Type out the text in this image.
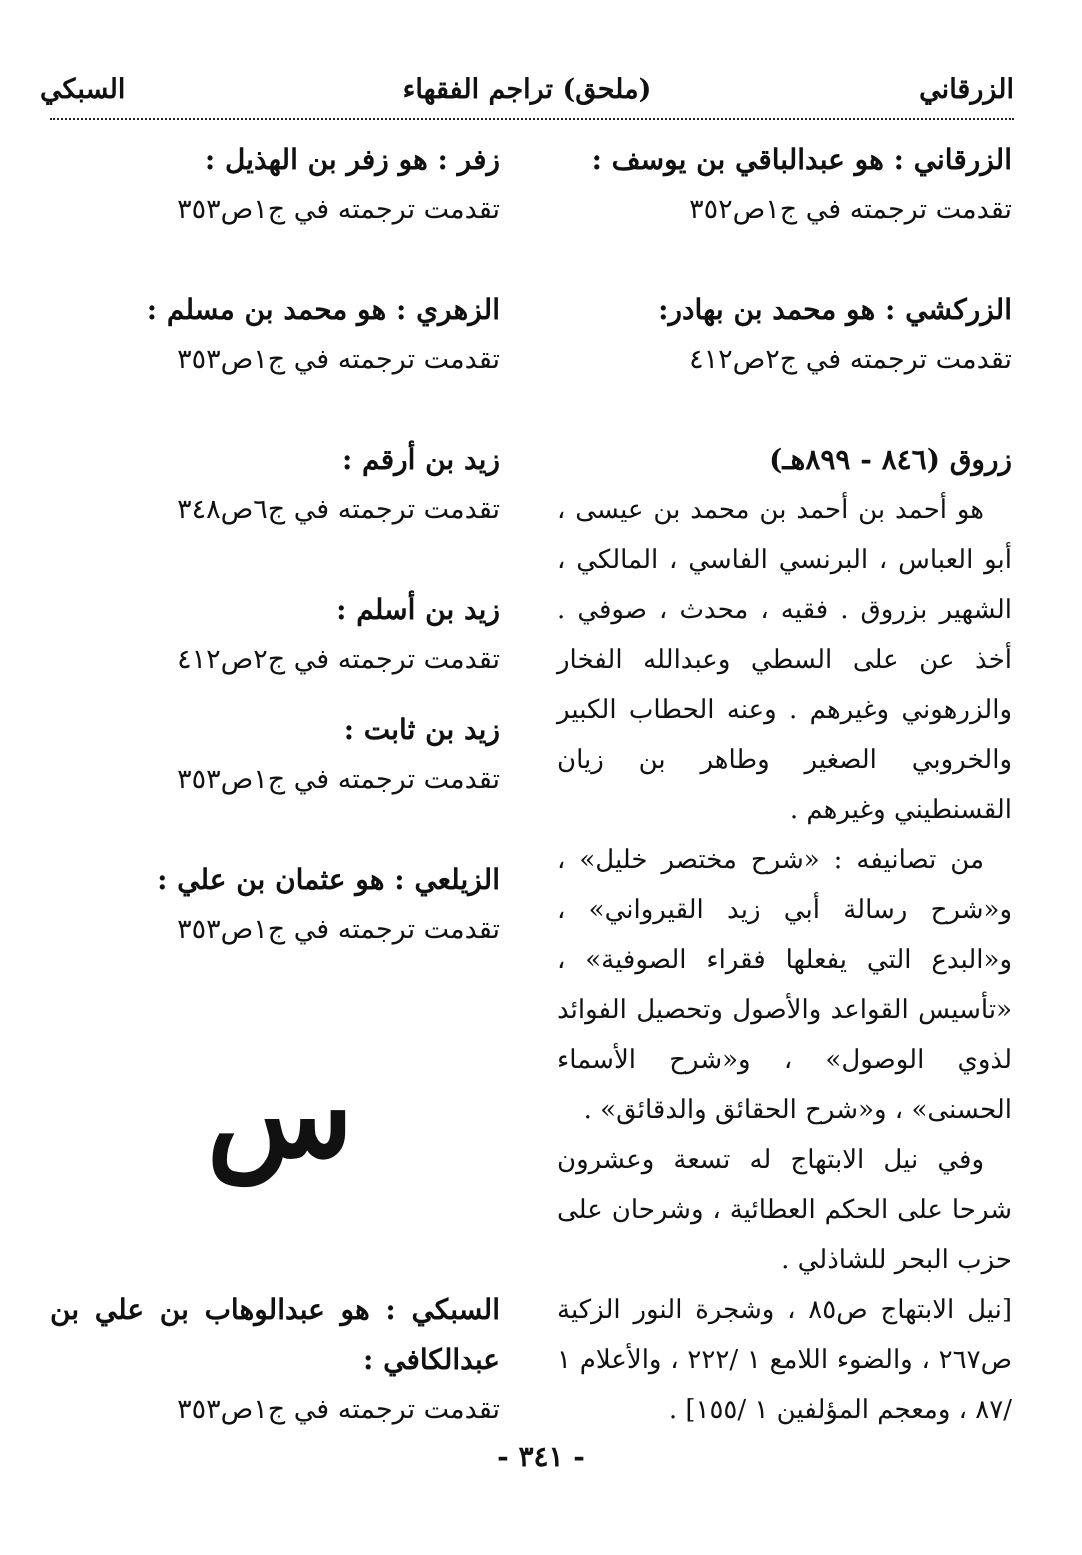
الزرقاني
(ملحق) تراجم الفقهاء
السبكي
الزرقاني : هو عبدالباقي بن يوسف :
تقدمت ترجمته في ج١ص٣٥٢
الزركشي : هو محمد بن بهادر:
تقدمت ترجمته في ج٢ص٤١٢
زروق (٨٤٦ - ٨٩٩هـ)

هو أحمد بن أحمد بن محمد بن عيسى ، أبو العباس ، البرنسي الفاسي ، المالكي ، الشهير بزروق . فقيه ، محدث ، صوفي . أخذ عن على السطي وعبدالله الفخار والزرهوني وغيرهم . وعنه الحطاب الكبير والخروبي الصغير وطاهر بن زيان القسنطيني وغيرهم .

من تصانيفه : «شرح مختصر خليل» ، و«شرح رسالة أبي زيد القيرواني» ، و«البدع التي يفعلها فقراء الصوفية» ، «تأسيس القواعد والأصول وتحصيل الفوائد لذوي الوصول» ، و«شرح الأسماء الحسنى» ، و«شرح الحقائق والدقائق» .

وفي نيل الابتهاج له تسعة وعشرون شرحا على الحكم العطائية ، وشرحان على حزب البحر للشاذلي .

[نيل الابتهاج ص٨٥ ، وشجرة النور الزكية ص٢٦٧ ، والضوء اللامع ١ /٢٢٢ ، والأعلام ١ /٨٧ ، ومعجم المؤلفين ١ /١٥٥] .

زفر : هو زفر بن الهذيل :
تقدمت ترجمته في ج١ص٣٥٣
الزهري : هو محمد بن مسلم :
تقدمت ترجمته في ج١ص٣٥٣
زيد بن أرقم :
تقدمت ترجمته في ج٦ص٣٤٨
زيد بن أسلم :
تقدمت ترجمته في ج٢ص٤١٢
زيد بن ثابت :
تقدمت ترجمته في ج١ص٣٥٣
الزيلعي : هو عثمان بن علي :
تقدمت ترجمته في ج١ص٣٥٣
س
السبكي : هو عبدالوهاب بن علي بن عبدالكافي :
تقدمت ترجمته في ج١ص٣٥٣
- ٣٤١ -
